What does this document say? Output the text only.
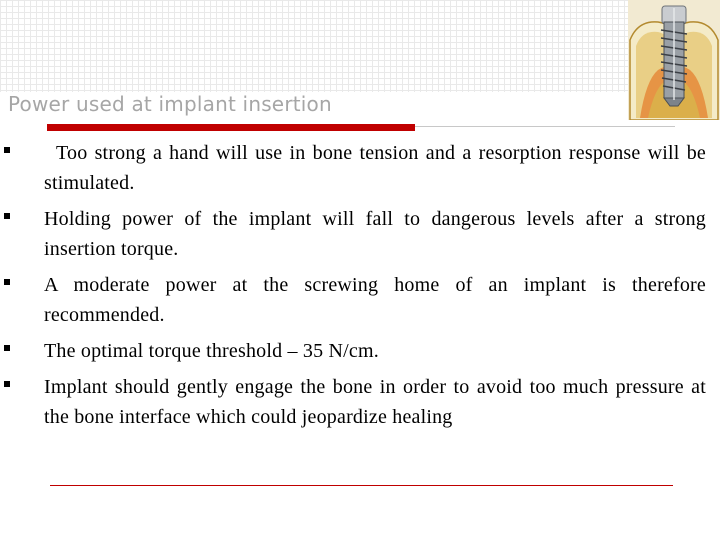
Power used at implant insertion
Too strong a hand will use in bone tension and a resorption response will be stimulated.
Holding power of the implant will fall to dangerous levels after a strong insertion torque.
A moderate power at the screwing home of an implant is therefore recommended.
The optimal torque threshold – 35 N/cm.
Implant should gently engage the bone in order to avoid too much pressure at the bone interface which could jeopardize healing
